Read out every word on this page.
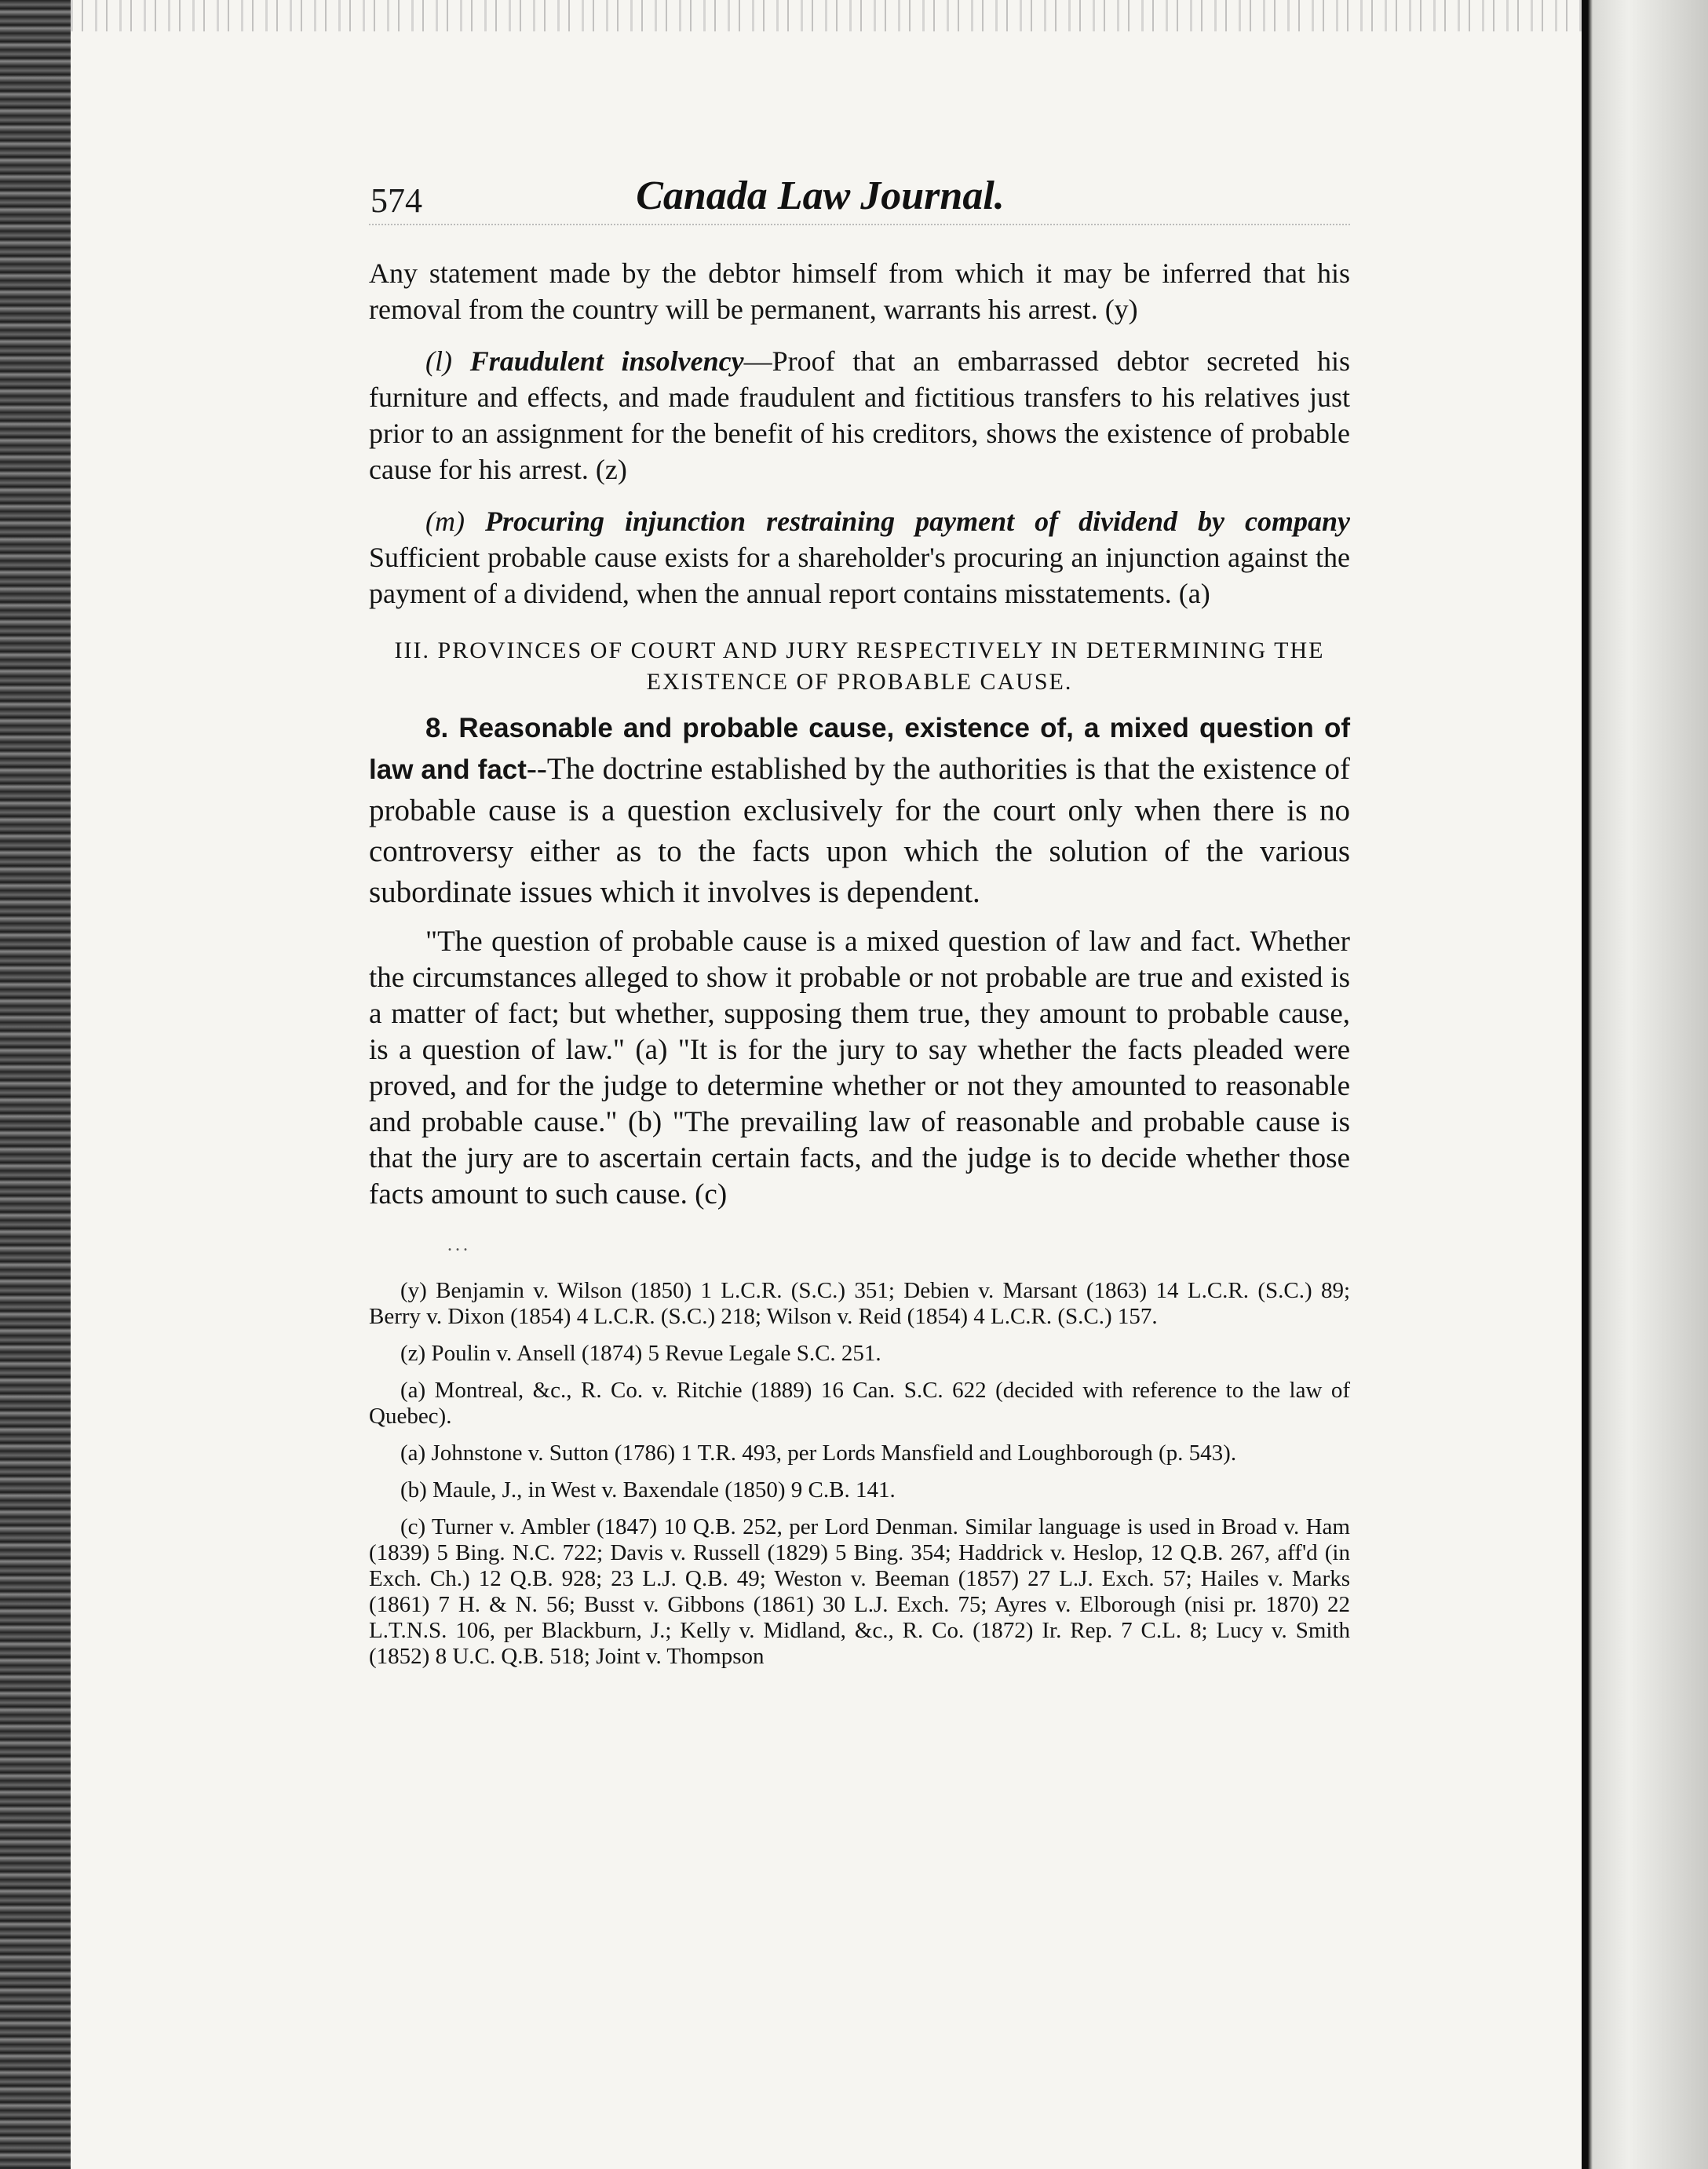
574	Canada Law Journal.

Any statement made by the debtor himself from which it may be inferred that his removal from the country will be permanent, warrants his arrest. (y)

(l) Fraudulent insolvency—Proof that an embarrassed debtor secreted his furniture and effects, and made fraudulent and fictitious transfers to his relatives just prior to an assignment for the benefit of his creditors, shows the existence of probable cause for his arrest. (z)

(m) Procuring injunction restraining payment of dividend by company Sufficient probable cause exists for a shareholder's procuring an injunction against the payment of a dividend, when the annual report contains misstatements. (a)

III. PROVINCES OF COURT AND JURY RESPECTIVELY IN DETERMINING THE EXISTENCE OF PROBABLE CAUSE.

8. Reasonable and probable cause, existence of, a mixed question of law and fact--The doctrine established by the authorities is that the existence of probable cause is a question exclusively for the court only when there is no controversy either as to the facts upon which the solution of the various subordinate issues which it involves is dependent.

"The question of probable cause is a mixed question of law and fact. Whether the circumstances alleged to show it probable or not probable are true and existed is a matter of fact; but whether, supposing them true, they amount to probable cause, is a question of law." (a) "It is for the jury to say whether the facts pleaded were proved, and for the judge to determine whether or not they amounted to reasonable and probable cause." (b) "The prevailing law of reasonable and probable cause is that the jury are to ascertain certain facts, and the judge is to decide whether those facts amount to such cause. (c)

...

(y) Benjamin v. Wilson (1850) 1 L.C.R. (S.C.) 351; Debien v. Marsant (1863) 14 L.C.R. (S.C.) 89; Berry v. Dixon (1854) 4 L.C.R. (S.C.) 218; Wilson v. Reid (1854) 4 L.C.R. (S.C.) 157.

(z) Poulin v. Ansell (1874) 5 Revue Legale S.C. 251.

(a) Montreal, &c., R. Co. v. Ritchie (1889) 16 Can. S.C. 622 (decided with reference to the law of Quebec).

(a) Johnstone v. Sutton (1786) 1 T.R. 493, per Lords Mansfield and Loughborough (p. 543).

(b) Maule, J., in West v. Baxendale (1850) 9 C.B. 141.

(c) Turner v. Ambler (1847) 10 Q.B. 252, per Lord Denman. Similar language is used in Broad v. Ham (1839) 5 Bing. N.C. 722; Davis v. Russell (1829) 5 Bing. 354; Haddrick v. Heslop, 12 Q.B. 267, aff'd (in Exch. Ch.) 12 Q.B. 928; 23 L.J. Q.B. 49; Weston v. Beeman (1857) 27 L.J. Exch. 57; Hailes v. Marks (1861) 7 H. & N. 56; Busst v. Gibbons (1861) 30 L.J. Exch. 75; Ayres v. Elborough (nisi pr. 1870) 22 L.T.N.S. 106, per Blackburn, J.; Kelly v. Midland, &c., R. Co. (1872) Ir. Rep. 7 C.L. 8; Lucy v. Smith (1852) 8 U.C. Q.B. 518; Joint v. Thompson
